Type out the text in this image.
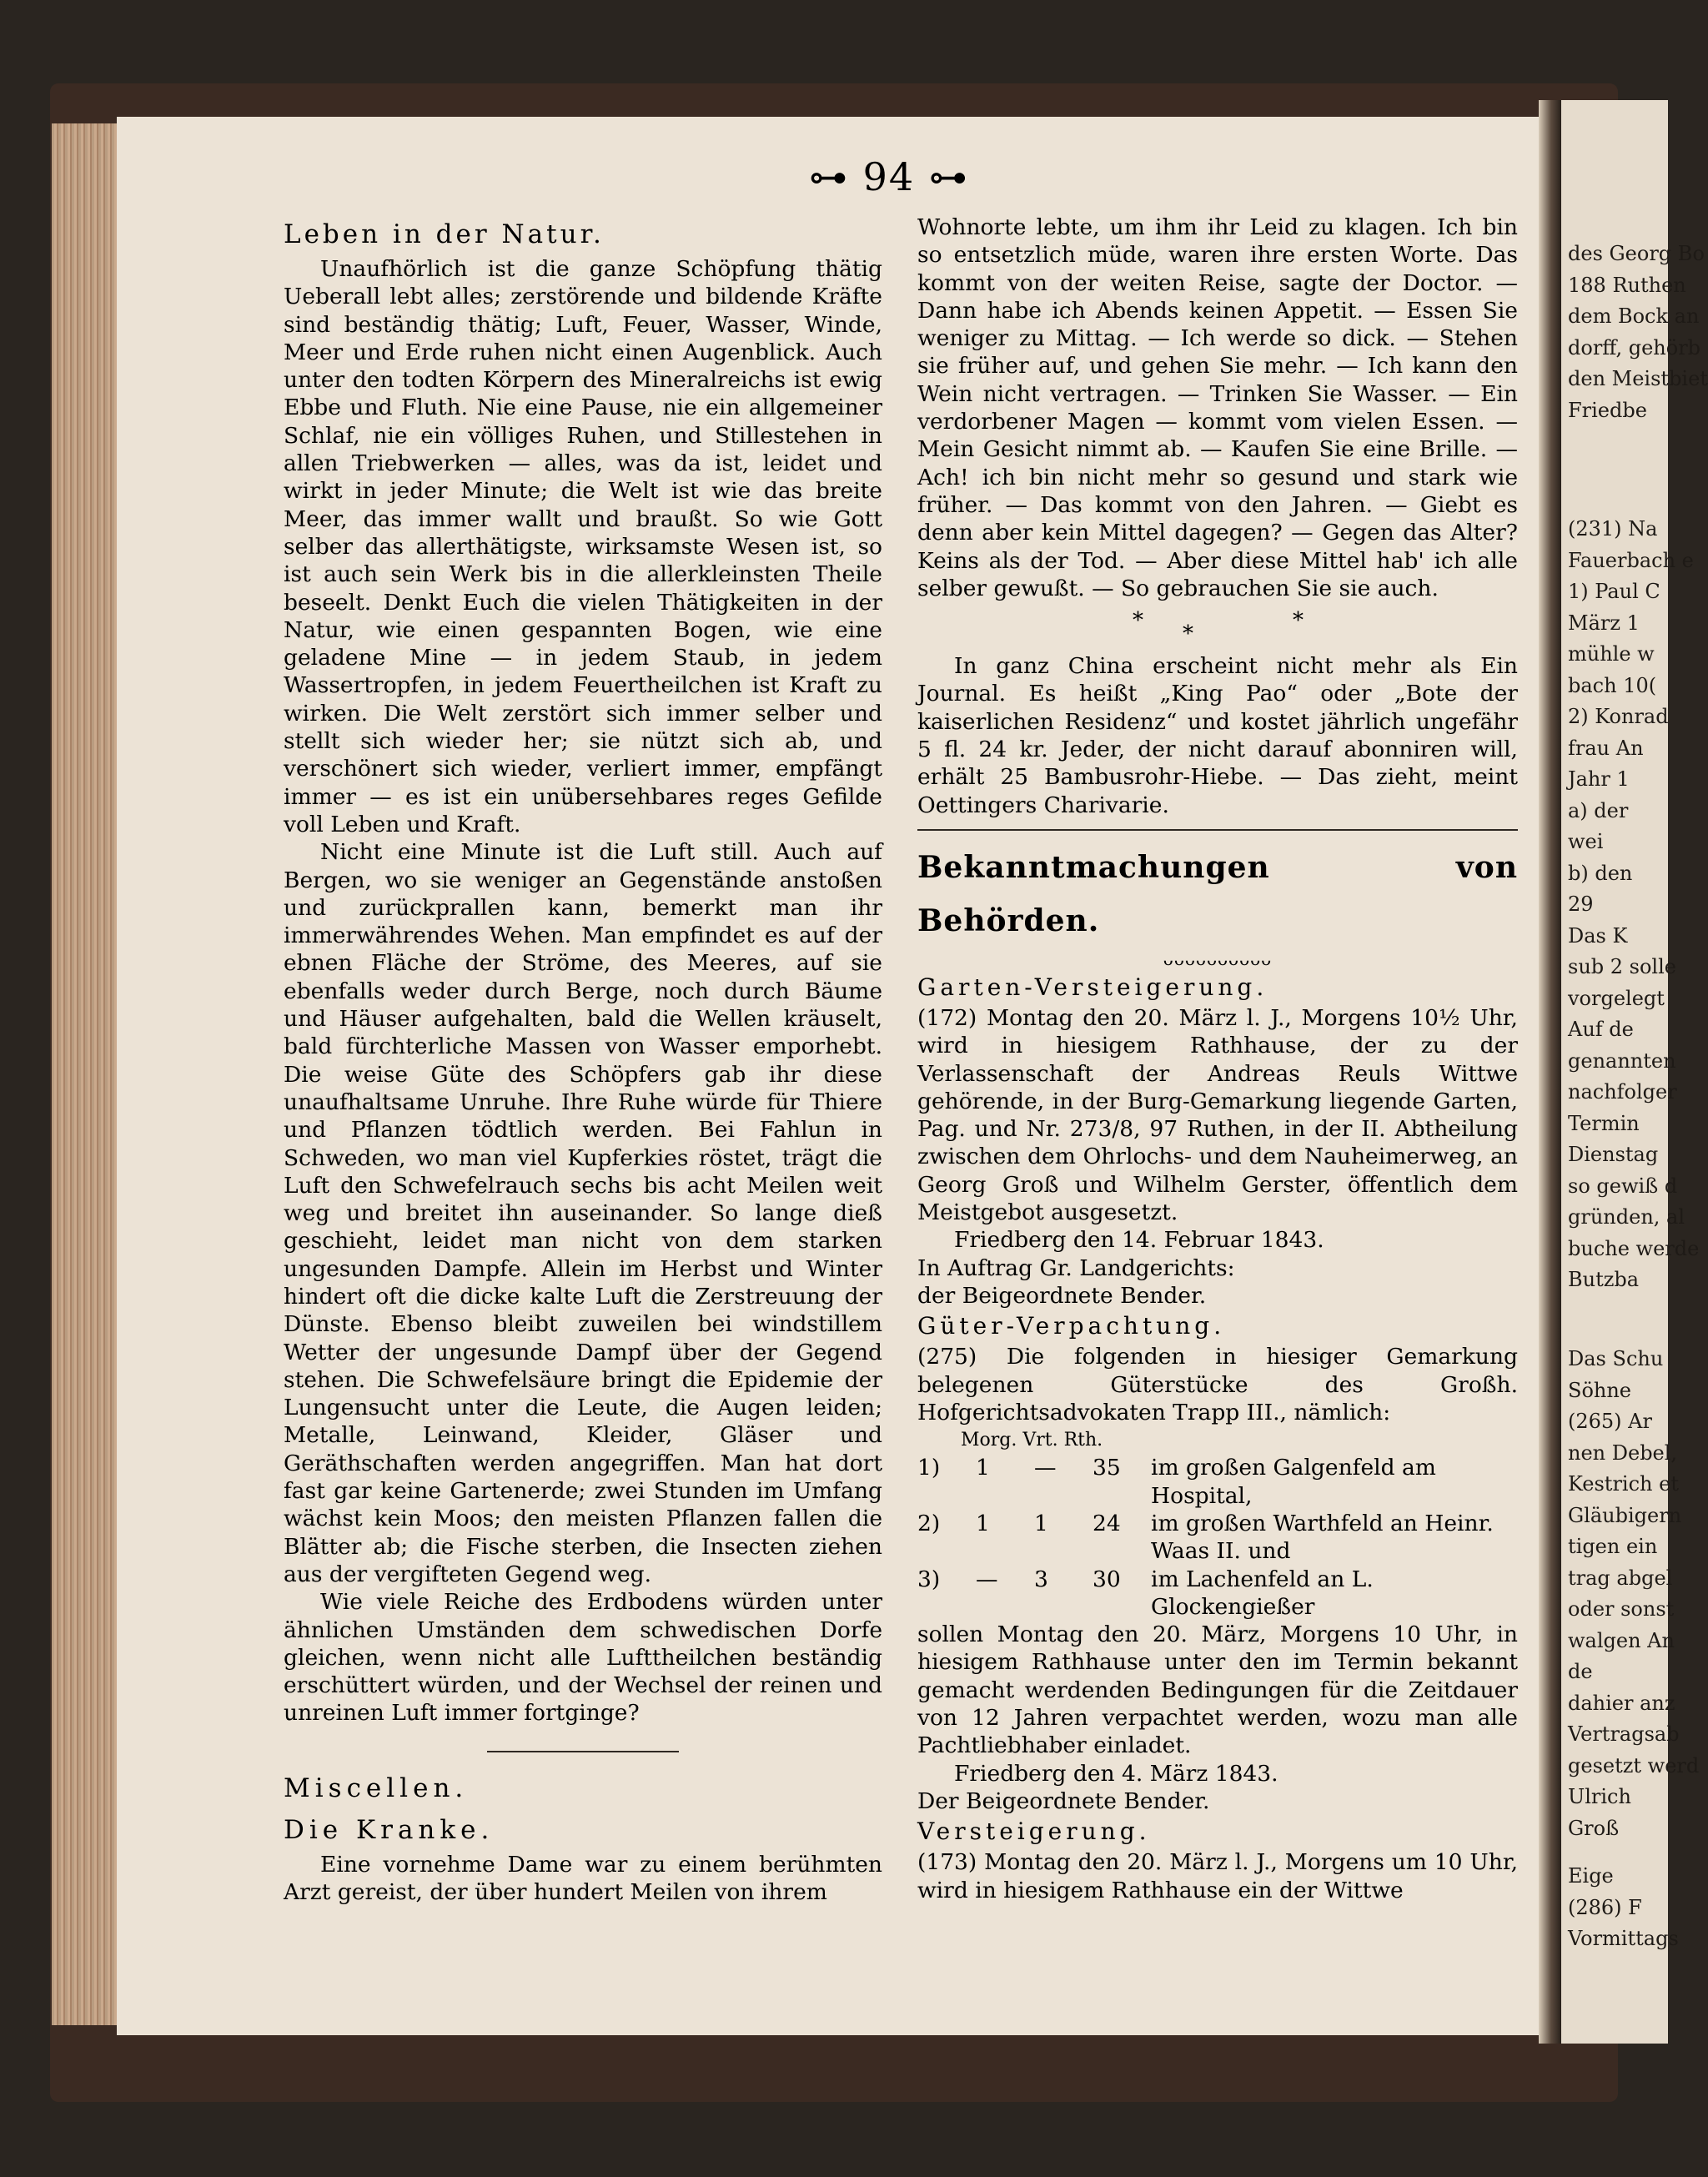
⊶ 94 ⊶

Leben in der Natur.

Unaufhörlich ist die ganze Schöpfung thätig Ueberall lebt alles; zerstörende und bildende Kräfte sind beständig thätig; Luft, Feuer, Wasser, Winde, Meer und Erde ruhen nicht einen Augenblick. Auch unter den todten Körpern des Mineralreichs ist ewig Ebbe und Fluth. Nie eine Pause, nie ein allgemeiner Schlaf, nie ein völliges Ruhen, und Stillestehen in allen Triebwerken — alles, was da ist, leidet und wirkt in jeder Minute; die Welt ist wie das breite Meer, das immer wallt und braußt. So wie Gott selber das allerthätigste, wirksamste Wesen ist, so ist auch sein Werk bis in die allerkleinsten Theile beseelt. Denkt Euch die vielen Thätigkeiten in der Natur, wie einen gespannten Bogen, wie eine geladene Mine — in jedem Staub, in jedem Wassertropfen, in jedem Feuertheilchen ist Kraft zu wirken. Die Welt zerstört sich immer selber und stellt sich wieder her; sie nützt sich ab, und verschönert sich wieder, verliert immer, empfängt immer — es ist ein unübersehbares reges Gefilde voll Leben und Kraft.

Nicht eine Minute ist die Luft still. Auch auf Bergen, wo sie weniger an Gegenstände anstoßen und zurückprallen kann, bemerkt man ihr immerwährendes Wehen. Man empfindet es auf der ebnen Fläche der Ströme, des Meeres, auf sie ebenfalls weder durch Berge, noch durch Bäume und Häuser aufgehalten, bald die Wellen kräuselt, bald fürchterliche Massen von Wasser emporhebt. Die weise Güte des Schöpfers gab ihr diese unaufhaltsame Unruhe. Ihre Ruhe würde für Thiere und Pflanzen tödtlich werden. Bei Fahlun in Schweden, wo man viel Kupferkies röstet, trägt die Luft den Schwefelrauch sechs bis acht Meilen weit weg und breitet ihn auseinander. So lange dieß geschieht, leidet man nicht von dem starken ungesunden Dampfe. Allein im Herbst und Winter hindert oft die dicke kalte Luft die Zerstreuung der Dünste. Ebenso bleibt zuweilen bei windstillem Wetter der ungesunde Dampf über der Gegend stehen. Die Schwefelsäure bringt die Epidemie der Lungensucht unter die Leute, die Augen leiden; Metalle, Leinwand, Kleider, Gläser und Geräthschaften werden angegriffen. Man hat dort fast gar keine Gartenerde; zwei Stunden im Umfang wächst kein Moos; den meisten Pflanzen fallen die Blätter ab; die Fische sterben, die Insecten ziehen aus der vergifteten Gegend weg.

Wie viele Reiche des Erdbodens würden unter ähnlichen Umständen dem schwedischen Dorfe gleichen, wenn nicht alle Lufttheilchen beständig erschüttert würden, und der Wechsel der reinen und unreinen Luft immer fortginge?

Miscellen.

Die Kranke.

Eine vornehme Dame war zu einem berühmten Arzt gereist, der über hundert Meilen von ihrem

Wohnorte lebte, um ihm ihr Leid zu klagen. Ich bin so entsetzlich müde, waren ihre ersten Worte. Das kommt von der weiten Reise, sagte der Doctor. — Dann habe ich Abends keinen Appetit. — Essen Sie weniger zu Mittag. — Ich werde so dick. — Stehen sie früher auf, und gehen Sie mehr. — Ich kann den Wein nicht vertragen. — Trinken Sie Wasser. — Ein verdorbener Magen — kommt vom vielen Essen. — Mein Gesicht nimmt ab. — Kaufen Sie eine Brille. — Ach! ich bin nicht mehr so gesund und stark wie früher. — Das kommt von den Jahren. — Giebt es denn aber kein Mittel dagegen? — Gegen das Alter? Keins als der Tod. — Aber diese Mittel hab' ich alle selber gewußt. — So gebrauchen Sie sie auch.

*
*
*

In ganz China erscheint nicht mehr als Ein Journal. Es heißt „King Pao“ oder „Bote der kaiserlichen Residenz“ und kostet jährlich ungefähr 5 fl. 24 kr. Jeder, der nicht darauf abonniren will, erhält 25 Bambusrohr-Hiebe. — Das zieht, meint Oettingers Charivarie.

Bekanntmachungen von Behörden.

ᴗᴗᴗᴗᴗᴗᴗᴗᴗᴗ

Garten-Versteigerung.

(172) Montag den 20. März l. J., Morgens 10½ Uhr, wird in hiesigem Rathhause, der zu der Verlassenschaft der Andreas Reuls Wittwe gehörende, in der Burg-Gemarkung liegende Garten, Pag. und Nr. 273/8, 97 Ruthen, in der II. Abtheilung zwischen dem Ohrlochs- und dem Nauheimerweg, an Georg Groß und Wilhelm Gerster, öffentlich dem Meistgebot ausgesetzt.

Friedberg den 14. Februar 1843.

In Auftrag Gr. Landgerichts:

der Beigeordnete Bender.

Güter-Verpachtung.

(275) Die folgenden in hiesiger Gemarkung belegenen Güterstücke des Großh. Hofgerichtsadvokaten Trapp III., nämlich:

Morg. Vrt. Rth.

1)	1	—	35	im großen Galgenfeld am Hospital,
2)	1	1	24	im großen Warthfeld an Heinr. Waas II. und
3)	—	3	30	im Lachenfeld an L. Glockengießer

sollen Montag den 20. März, Morgens 10 Uhr, in hiesigem Rathhause unter den im Termin bekannt gemacht werdenden Bedingungen für die Zeitdauer von 12 Jahren verpachtet werden, wozu man alle Pachtliebhaber einladet.

Friedberg den 4. März 1843.

Der Beigeordnete Bender.

Versteigerung.

(173) Montag den 20. März l. J., Morgens um 10 Uhr, wird in hiesigem Rathhause ein der Wittwe

des Georg Bo
188 Ruthen
dem Bock an
dorff, gehörb
den Meistbiet
Friedbe
(231) Na
Fauerbach e
1) Paul C
März 1
mühle w
bach 10(
2) Konrad
frau An
Jahr 1
a) der
wei
b) den
29
Das K
sub 2 solle
vorgelegt
Auf de
genannten
nachfolger
Termin
Dienstag
so gewiß d
gründen, al
buche werde
Butzba
Das Schu
Söhne
(265) Ar
nen Debel,
Kestrich et
Gläubigern
tigen ein
trag abgel
oder sonst
walgen An
de
dahier anz
Vertragsab
gesetzt werd
Ulrich
Groß
Eige
(286) F
Vormittags
